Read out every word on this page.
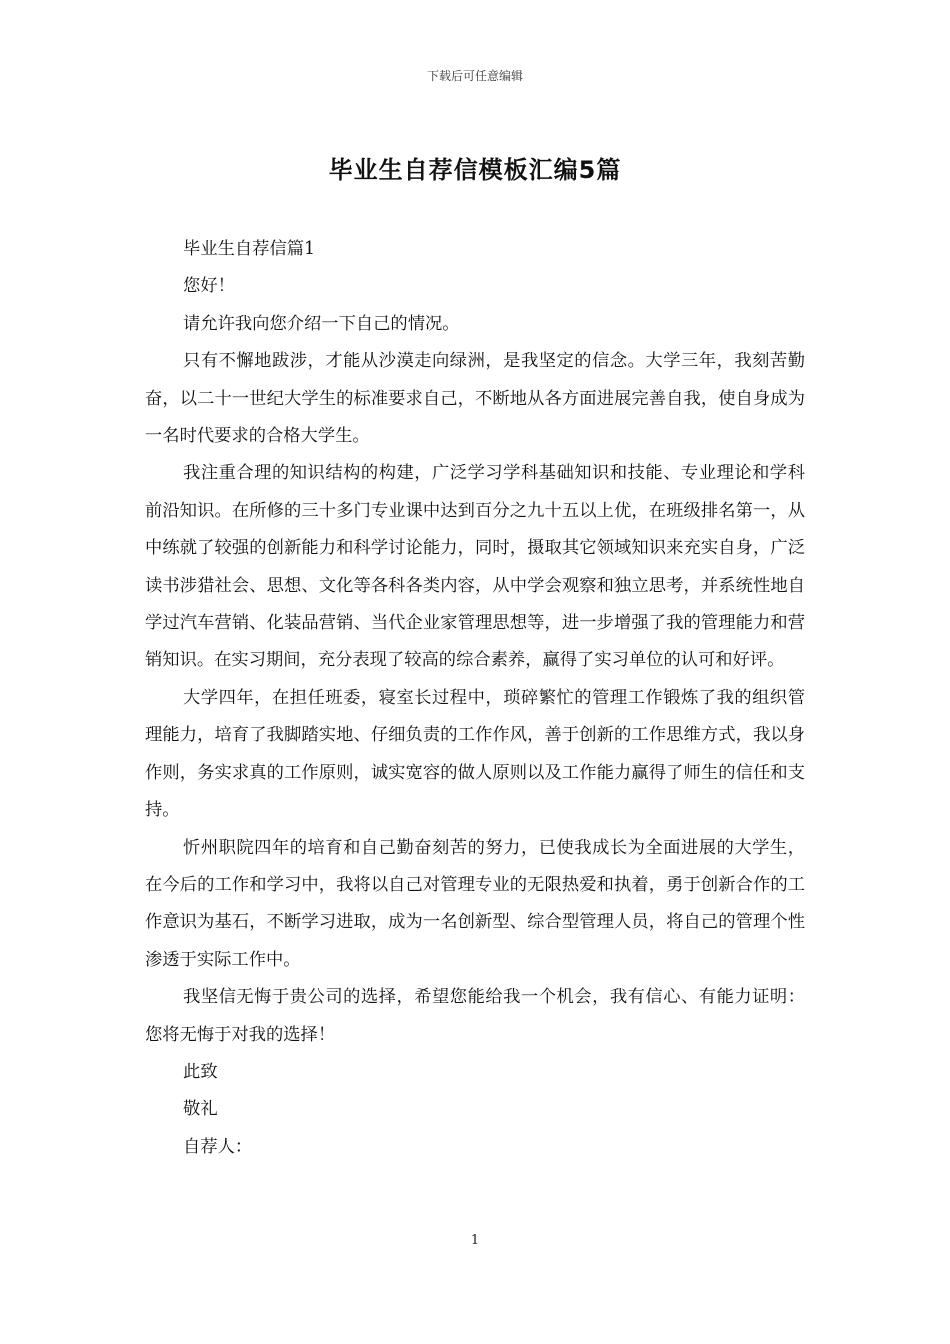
下载后可任意编辑
毕业生自荐信模板汇编5篇

毕业生自荐信篇1

您好！

请允许我向您介绍一下自己的情况。

只有不懈地跋涉，才能从沙漠走向绿洲，是我坚定的信念。大学三年，我刻苦勤奋，以二十一世纪大学生的标准要求自己，不断地从各方面进展完善自我，使自身成为一名时代要求的合格大学生。

我注重合理的知识结构的构建，广泛学习学科基础知识和技能、专业理论和学科前沿知识。在所修的三十多门专业课中达到百分之九十五以上优，在班级排名第一，从中练就了较强的创新能力和科学讨论能力，同时，摄取其它领域知识来充实自身，广泛读书涉猎社会、思想、文化等各科各类内容，从中学会观察和独立思考，并系统性地自学过汽车营销、化装品营销、当代企业家管理思想等，进一步增强了我的管理能力和营销知识。在实习期间，充分表现了较高的综合素养，赢得了实习单位的认可和好评。

大学四年，在担任班委，寝室长过程中，琐碎繁忙的管理工作锻炼了我的组织管理能力，培育了我脚踏实地、仔细负责的工作作风，善于创新的工作思维方式，我以身作则，务实求真的工作原则，诚实宽容的做人原则以及工作能力赢得了师生的信任和支持。

忻州职院四年的培育和自己勤奋刻苦的努力，已使我成长为全面进展的大学生，在今后的工作和学习中，我将以自己对管理专业的无限热爱和执着，勇于创新合作的工作意识为基石，不断学习进取，成为一名创新型、综合型管理人员，将自己的管理个性渗透于实际工作中。

我坚信无悔于贵公司的选择，希望您能给我一个机会，我有信心、有能力证明：您将无悔于对我的选择！

此致

敬礼

自荐人：

1
